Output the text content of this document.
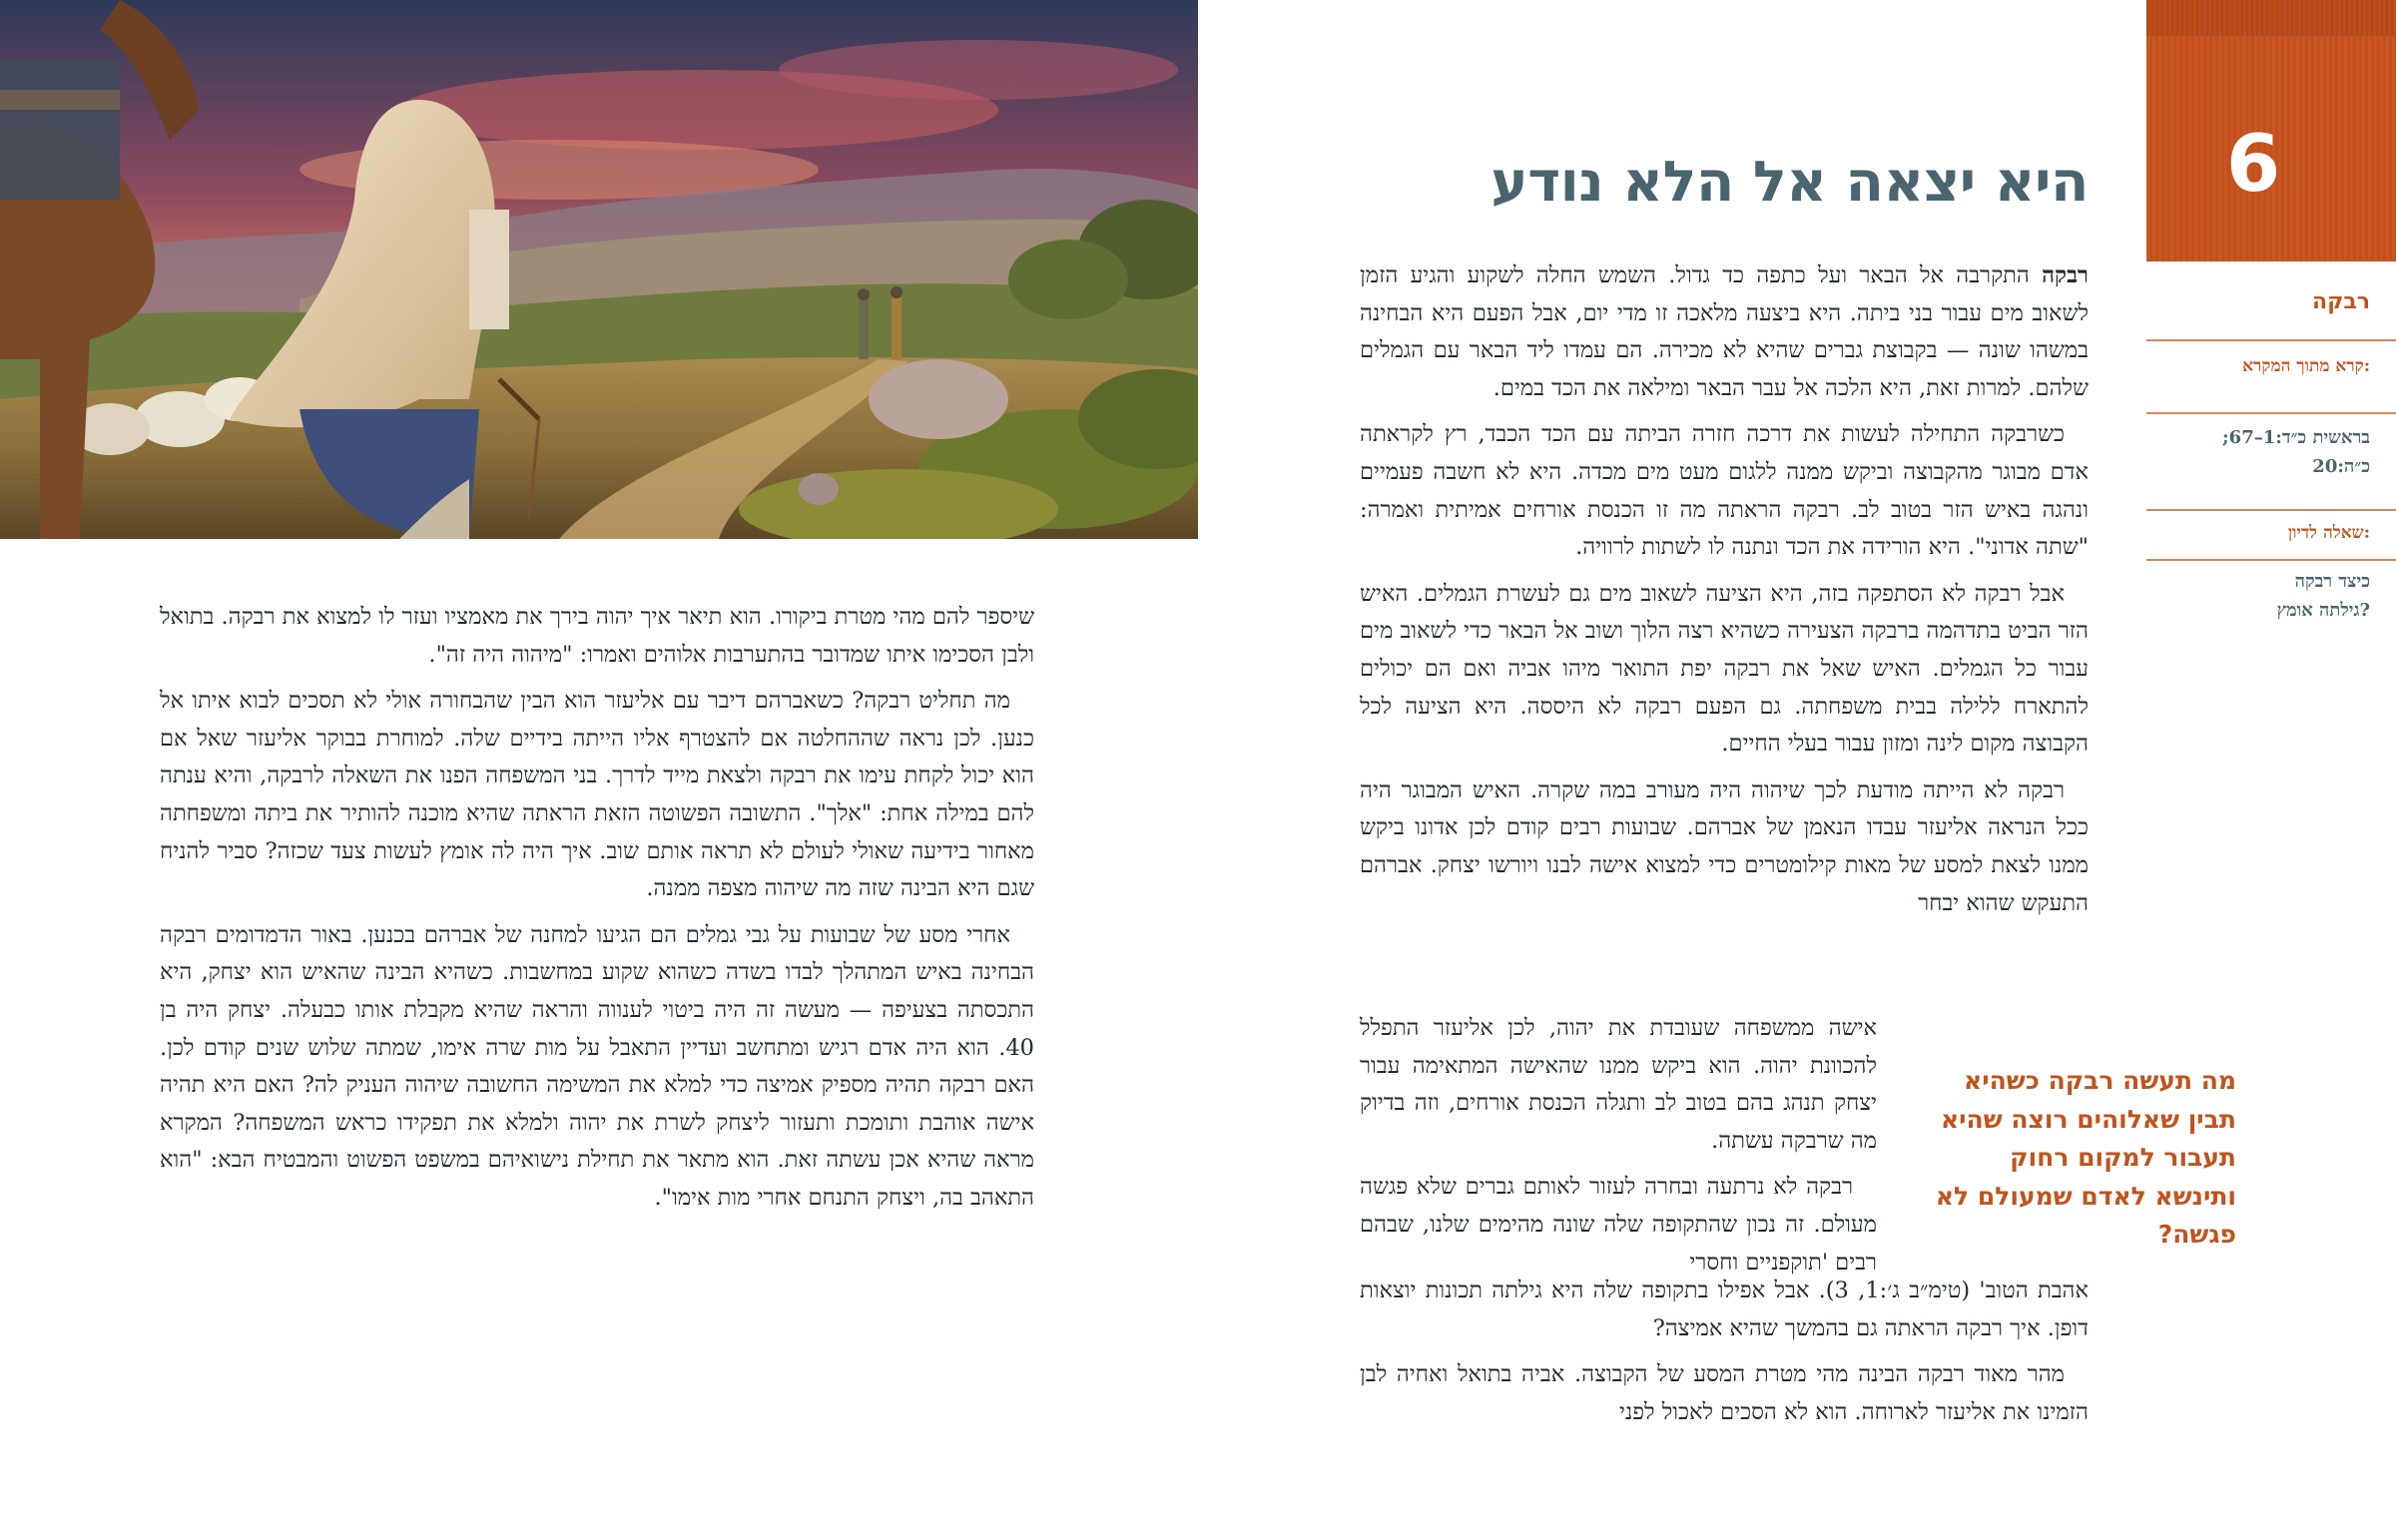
שיספר להם מהי מטרת ביקורו. הוא תיאר איך יהוה בירך את מאמציו ועזר לו למצוא את רבקה. בתואל ולבן הסכימו איתו שמדובר בהתערבות אלוהים ואמרו: "מיהוה היה זה".

מה תחליט רבקה? כשאברהם דיבר עם אליעזר הוא הבין שהבחורה אולי לא תסכים לבוא איתו אל כנען. לכן נראה שההחלטה אם להצטרף אליו הייתה בידיים שלה. למוחרת בבוקר אליעזר שאל אם הוא יכול לקחת עימו את רבקה ולצאת מייד לדרך. בני המשפחה הפנו את השאלה לרבקה, והיא ענתה להם במילה אחת: "אלך". התשובה הפשוטה הזאת הראתה שהיא מוכנה להותיר את ביתה ומשפחתה מאחור בידיעה שאולי לעולם לא תראה אותם שוב. איך היה לה אומץ לעשות צעד שכזה? סביר להניח שגם היא הבינה שזה מה שיהוה מצפה ממנה.

אחרי מסע של שבועות על גבי גמלים הם הגיעו למחנה של אברהם בכנען. באור הדמדומים רבקה הבחינה באיש המתהלך לבדו בשדה כשהוא שקוע במחשבות. כשהיא הבינה שהאיש הוא יצחק, היא התכסתה בצעיפה — מעשה זה היה ביטוי לענווה והראה שהיא מקבלת אותו כבעלה. יצחק היה בן 40. הוא היה אדם רגיש ומתחשב ועדיין התאבל על מות שרה אימו, שמתה שלוש שנים קודם לכן. האם רבקה תהיה מספיק אמיצה כדי למלא את המשימה החשובה שיהוה העניק לה? האם היא תהיה אישה אוהבת ותומכת ותעזור ליצחק לשרת את יהוה ולמלא את תפקידו כראש המשפחה? המקרא מראה שהיא אכן עשתה זאת. הוא מתאר את תחילת נישואיהם במשפט הפשוט והמבטיח הבא: "הוא התאהב בה, ויצחק התנחם אחרי מות אימו".

6
היא יצאה אל הלא נודע
רבקה
קרא מתוך המקרא:
בראשית כ״ד:1–67; כ״ה:20
שאלה לדיון:
כיצד רבקה גילתה אומץ?

רבקה התקרבה אל הבאר ועל כתפה כד גדול. השמש החלה לשקוע והגיע הזמן לשאוב מים עבור בני ביתה. היא ביצעה מלאכה זו מדי יום, אבל הפעם היא הבחינה במשהו שונה — בקבוצת גברים שהיא לא מכירה. הם עמדו ליד הבאר עם הגמלים שלהם. למרות זאת, היא הלכה אל עבר הבאר ומילאה את הכד במים.

כשרבקה התחילה לעשות את דרכה חזרה הביתה עם הכד הכבד, רץ לקראתה אדם מבוגר מהקבוצה וביקש ממנה ללגום מעט מים מכדה. היא לא חשבה פעמיים ונהגה באיש הזר בטוב לב. רבקה הראתה מה זו הכנסת אורחים אמיתית ואמרה: "שתה אדוני". היא הורידה את הכד ונתנה לו לשתות לרוויה.

אבל רבקה לא הסתפקה בזה, היא הציעה לשאוב מים גם לעשרת הגמלים. האיש הזר הביט בתדהמה ברבקה הצעירה כשהיא רצה הלוך ושוב אל הבאר כדי לשאוב מים עבור כל הגמלים. האיש שאל את רבקה יפת התואר מיהו אביה ואם הם יכולים להתארח ללילה בבית משפחתה. גם הפעם רבקה לא היססה. היא הציעה לכל הקבוצה מקום לינה ומזון עבור בעלי החיים.

רבקה לא הייתה מודעת לכך שיהוה היה מעורב במה שקרה. האיש המבוגר היה ככל הנראה אליעזר עבדו הנאמן של אברהם. שבועות רבים קודם לכן אדונו ביקש ממנו לצאת למסע של מאות קילומטרים כדי למצוא אישה לבנו ויורשו יצחק. אברהם התעקש שהוא יבחר

אישה ממשפחה שעובדת את יהוה, לכן אליעזר התפלל להכוונת יהוה. הוא ביקש ממנו שהאישה המתאימה עבור יצחק תנהג בהם בטוב לב ותגלה הכנסת אורחים, וזה בדיוק מה שרבקה עשתה.

רבקה לא נרתעה ובחרה לעזור לאותם גברים שלא פגשה מעולם. זה נכון שהתקופה שלה שונה מהימים שלנו, שבהם רבים 'תוקפניים וחסרי

אהבת הטוב' (טימ״ב ג׳:1, 3). אבל אפילו בתקופה שלה היא גילתה תכונות יוצאות דופן. איך רבקה הראתה גם בהמשך שהיא אמיצה?

מהר מאוד רבקה הבינה מהי מטרת המסע של הקבוצה. אביה בתואל ואחיה לבן הזמינו את אליעזר לארוחה. הוא לא הסכים לאכול לפני

מה תעשה רבקה כשהיא תבין שאלוהים רוצה שהיא תעבור למקום רחוק ותינשא לאדם שמעולם לא פגשה?
